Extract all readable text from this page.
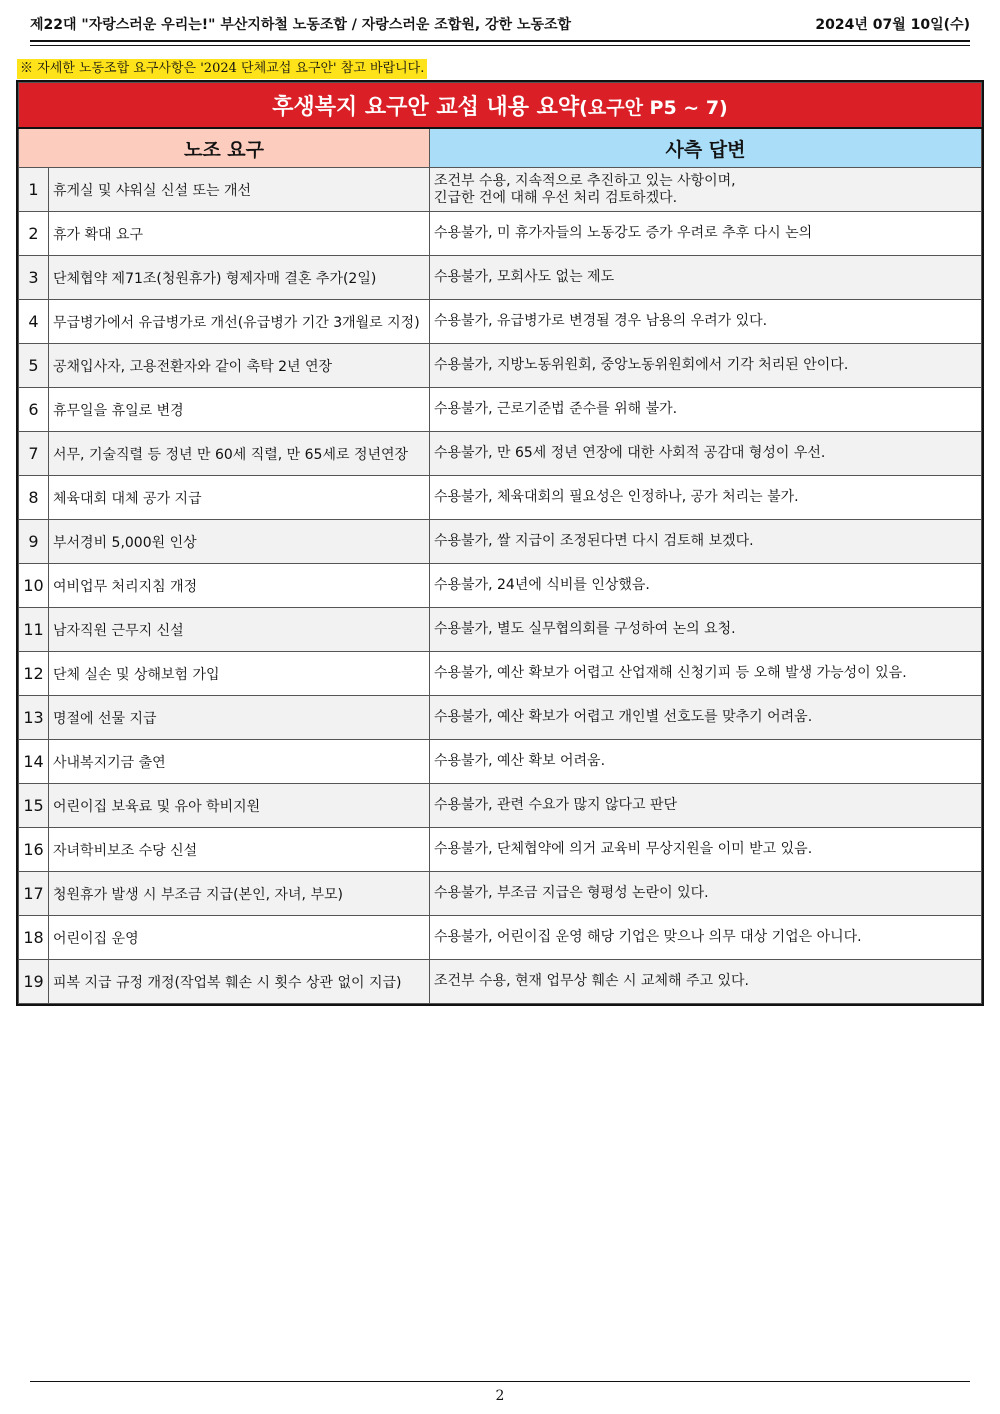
제22대 "자랑스러운 우리는!" 부산지하철 노동조합 / 자랑스러운 조합원, 강한 노동조합	2024년 07월 10일(수)
※ 자세한 노동조합 요구사항은 '2024 단체교섭 요구안' 참고 바랍니다.
후생복지 요구안 교섭 내용 요약(요구안 P5 ~ 7)		
노조 요구		사측 답변
1	휴게실 및 샤워실 신설 또는 개선	조건부 수용, 지속적으로 추진하고 있는 사항이며,
긴급한 건에 대해 우선 처리 검토하겠다.

2	휴가 확대 요구	수용불가, 미 휴가자들의 노동강도 증가 우려로 추후 다시 논의

3	단체협약 제71조(청원휴가) 형제자매 결혼 추가(2일)	수용불가, 모회사도 없는 제도

4	무급병가에서 유급병가로 개선(유급병가 기간 3개월로 지정)	수용불가, 유급병가로 변경될 경우 남용의 우려가 있다.

5	공채입사자, 고용전환자와 같이 촉탁 2년 연장	수용불가, 지방노동위원회, 중앙노동위원회에서 기각 처리된 안이다.

6	휴무일을 휴일로 변경	수용불가, 근로기준법 준수를 위해 불가.

7	서무, 기술직렬 등 정년 만 60세 직렬, 만 65세로 정년연장	수용불가, 만 65세 정년 연장에 대한 사회적 공감대 형성이 우선.

8	체육대회 대체 공가 지급	수용불가, 체육대회의 필요성은 인정하나, 공가 처리는 불가.

9	부서경비 5,000원 인상	수용불가, 쌀 지급이 조정된다면 다시 검토해 보겠다.

10	여비업무 처리지침 개정	수용불가, 24년에 식비를 인상했음.

11	남자직원 근무지 신설	수용불가, 별도 실무협의회를 구성하여 논의 요청.

12	단체 실손 및 상해보험 가입	수용불가, 예산 확보가 어렵고 산업재해 신청기피 등 오해 발생 가능성이 있음.

13	명절에 선물 지급	수용불가, 예산 확보가 어렵고 개인별 선호도를 맞추기 어려움.

14	사내복지기금 출연	수용불가, 예산 확보 어려움.

15	어린이집 보육료 및 유아 학비지원	수용불가, 관련 수요가 많지 않다고 판단

16	자녀학비보조 수당 신설	수용불가, 단체협약에 의거 교육비 무상지원을 이미 받고 있음.

17	청원휴가 발생 시 부조금 지급(본인, 자녀, 부모)	수용불가, 부조금 지급은 형평성 논란이 있다.

18	어린이집 운영	수용불가, 어린이집 운영 해당 기업은 맞으나 의무 대상 기업은 아니다.

19	피복 지급 규정 개정(작업복 훼손 시 횟수 상관 없이 지급)	조건부 수용, 현재 업무상 훼손 시 교체해 주고 있다.
2
